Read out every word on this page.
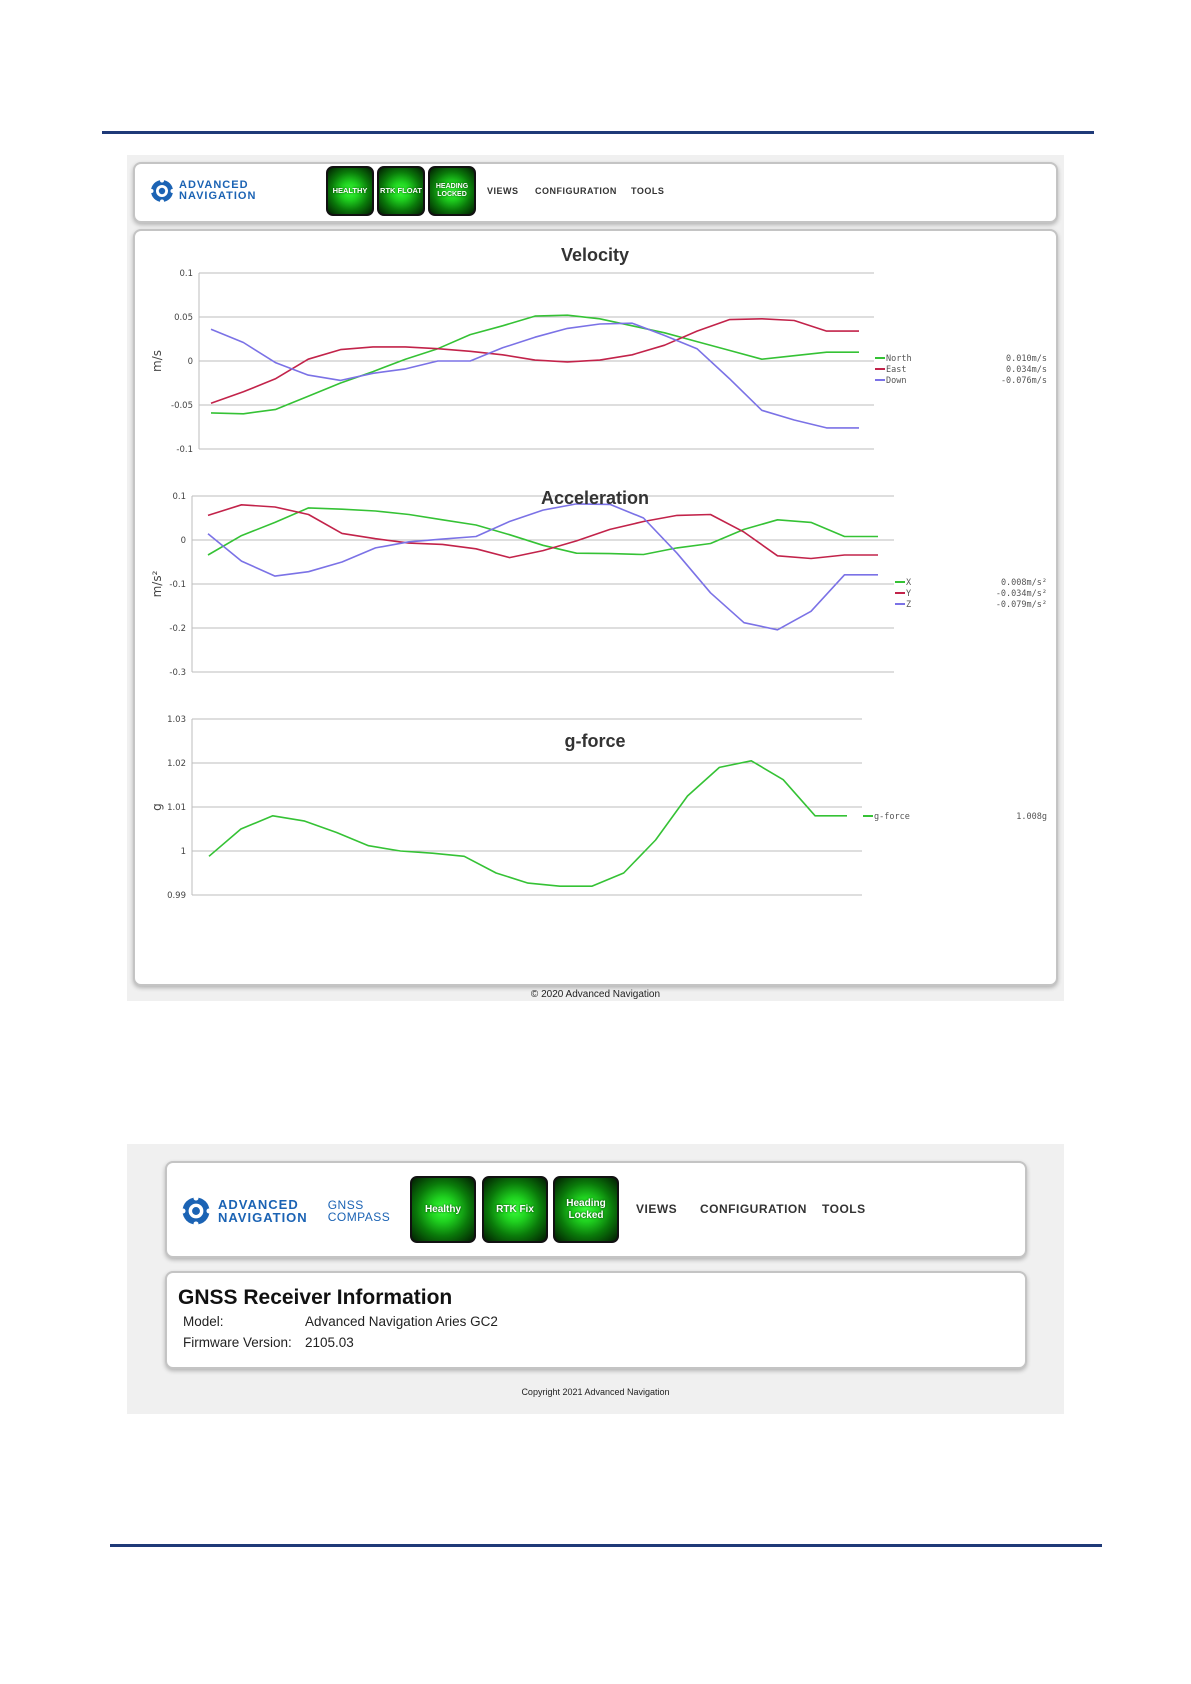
ADVANCED
NAVIGATION	HEALTHY	RTK FLOAT	HEADING LOCKED	VIEWS CONFIGURATION TOOLS
0.1
0.05
0
-0.05
-0.1
m/s	North	0.010m/s
East	0.034m/s
Down	-0.076m/s
0.1
0
-0.1
-0.2
-0.3
m/s²	X	0.008m/s²
Y	-0.034m/s²
Z	-0.079m/s²
1.03
1.02
1.01
1
0.99
g
g-force	1.008g
Velocity
Acceleration
g-force
© 2020 Advanced Navigation
ADVANCED
NAVIGATION
GNSS
COMPASS
Healthy	RTK Fix
Heading Locked	VIEWS CONFIGURATION TOOLS
GNSS Receiver Information
Model:	Advanced Navigation Aries GC2
Firmware Version: 2105.03
Copyright 2021 Advanced Navigation
